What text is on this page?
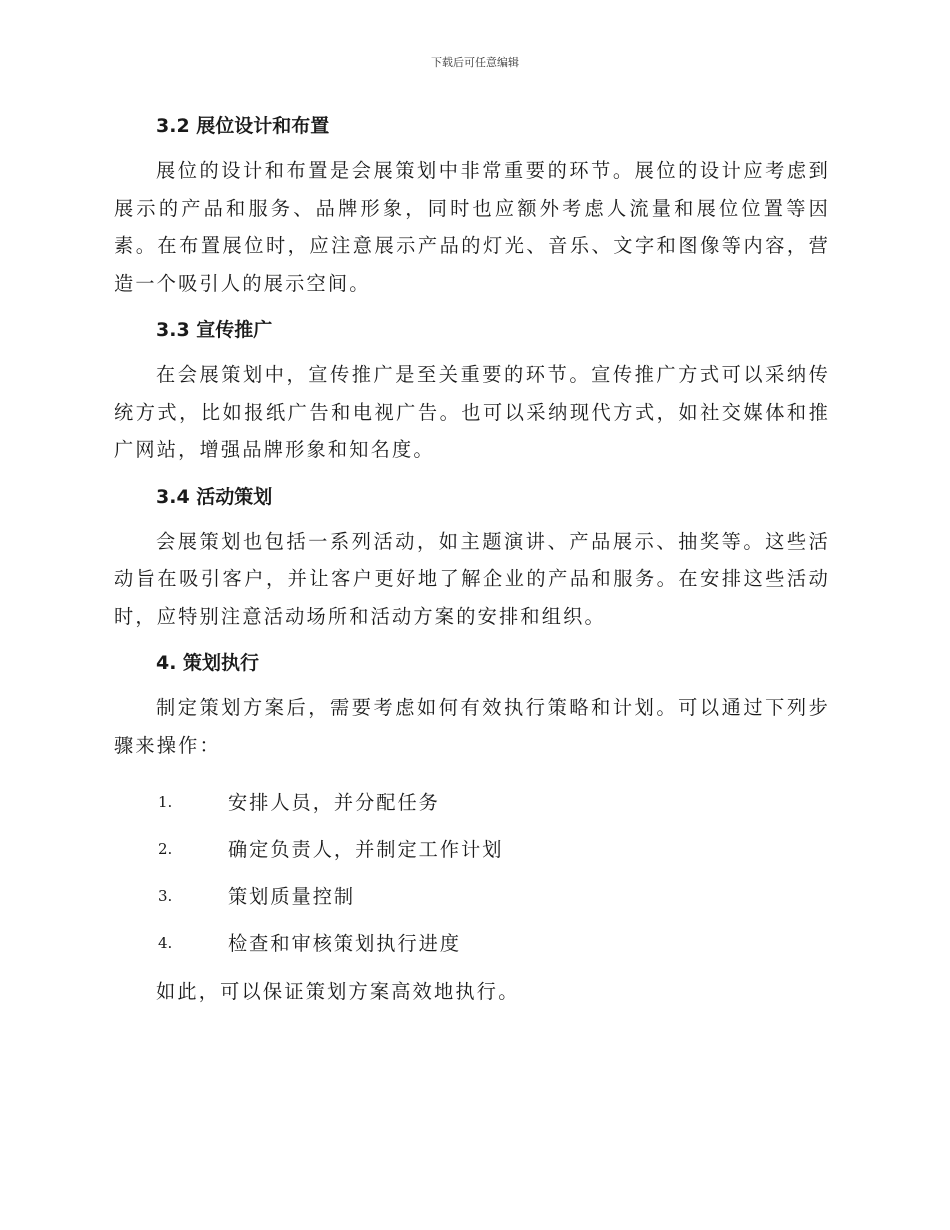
下载后可任意编辑
3.2 展位设计和布置

展位的设计和布置是会展策划中非常重要的环节。展位的设计应考虑到展示的产品和服务、品牌形象，同时也应额外考虑人流量和展位位置等因素。在布置展位时，应注意展示产品的灯光、音乐、文字和图像等内容，营造一个吸引人的展示空间。

3.3 宣传推广

在会展策划中，宣传推广是至关重要的环节。宣传推广方式可以采纳传统方式，比如报纸广告和电视广告。也可以采纳现代方式，如社交媒体和推广网站，增强品牌形象和知名度。

3.4 活动策划

会展策划也包括一系列活动，如主题演讲、产品展示、抽奖等。这些活动旨在吸引客户，并让客户更好地了解企业的产品和服务。在安排这些活动时，应特别注意活动场所和活动方案的安排和组织。

4. 策划执行

制定策划方案后，需要考虑如何有效执行策略和计划。可以通过下列步骤来操作：

1.	安排人员，并分配任务
2.	确定负责人，并制定工作计划
3.	策划质量控制
4.	检查和审核策划执行进度
如此，可以保证策划方案高效地执行。
